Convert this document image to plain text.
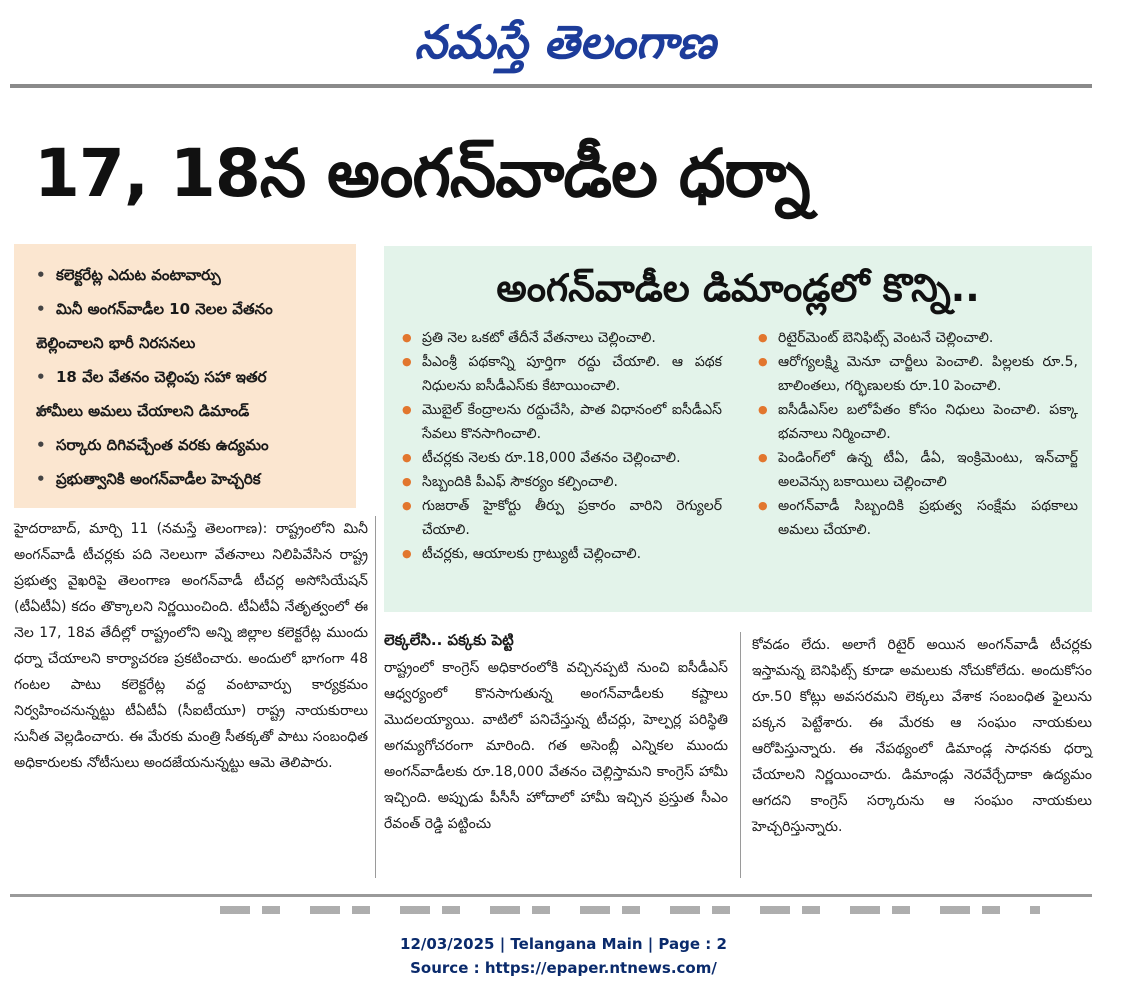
నమస్తే తెలంగాణ
17, 18న అంగన్‌వాడీల ధర్నా
• కలెక్టరేట్ల ఎదుట వంటావార్పు
• మినీ అంగన్‌వాడీల 10 నెలల వేతనం
• చెల్లించాలని భారీ నిరసనలు
• 18 వేల వేతనం చెల్లింపు సహా ఇతర
• హామీలు అమలు చేయాలని డిమాండ్
• సర్కారు దిగివచ్చేంత వరకు ఉద్యమం
• ప్రభుత్వానికి అంగన్‌వాడీల హెచ్చరిక
అంగన్‌వాడీల డిమాండ్లలో కొన్ని..
● ప్రతి నెల ఒకటో తేదీనే వేతనాలు చెల్లించాలి.
● పీఎంశ్రీ పథకాన్ని పూర్తిగా రద్దు చేయాలి. ఆ పథక నిధులను ఐసీడీఎస్‌కు కేటాయించాలి.
● మొబైల్ కేంద్రాలను రద్దుచేసి, పాత విధానంలో ఐసీడీఎస్ సేవలు కొనసాగించాలి.
● టీచర్లకు నెలకు రూ.18,000 వేతనం చెల్లించాలి.
● సిబ్బందికి పీఎఫ్ సౌకర్యం కల్పించాలి.
● గుజరాత్ హైకోర్టు తీర్పు ప్రకారం వారిని రెగ్యులర్ చేయాలి.
● టీచర్లకు, ఆయాలకు గ్రాట్యుటీ చెల్లించాలి.
● రిటైర్‌మెంట్ బెనిఫిట్స్ వెంటనే చెల్లించాలి.
● ఆరోగ్యలక్ష్మి మెనూ చార్జీలు పెంచాలి. పిల్లలకు రూ.5, బాలింతలు, గర్భిణులకు రూ.10 పెంచాలి.
● ఐసీడీఎస్‌ల బలోపేతం కోసం నిధులు పెంచాలి. పక్కా భవనాలు నిర్మించాలి.
● పెండింగ్‌లో ఉన్న టీఏ, డీఏ, ఇంక్రిమెంటు, ఇన్‌చార్జ్ అలవెన్సు బకాయిలు చెల్లించాలి
● అంగన్‌వాడీ సిబ్బందికి ప్రభుత్వ సంక్షేమ పథకాలు అమలు చేయాలి.
హైదరాబాద్, మార్చి 11 (నమస్తే తెలంగాణ): రాష్ట్రంలోని మినీ అంగన్‌వాడీ టీచర్లకు పది నెలలుగా వేతనాలు నిలిపివేసిన రాష్ట్ర ప్రభుత్వ వైఖరిపై తెలంగాణ అంగన్‌వాడీ టీచర్ల అసోసియేషన్ (టీఏటీఏ) కదం తొక్కాలని నిర్ణయించింది. టీఏటీఏ నేతృత్వంలో ఈ నెల 17, 18వ తేదీల్లో రాష్ట్రంలోని అన్ని జిల్లాల కలెక్టరేట్ల ముందు ధర్నా చేయాలని కార్యాచరణ ప్రకటించారు. అందులో భాగంగా 48 గంటల పాటు కలెక్టరేట్ల వద్ద వంటావార్పు కార్యక్రమం నిర్వహించనున్నట్టు టీఏటీఏ (సీఐటీయూ) రాష్ట్ర నాయకురాలు సునీత వెల్లడించారు. ఈ మేరకు మంత్రి సీతక్కతో పాటు సంబంధిత అధికారులకు నోటీసులు అందజేయనున్నట్టు ఆమె తెలిపారు.
లెక్కలేసి.. పక్కకు పెట్టి
రాష్ట్రంలో కాంగ్రెస్ అధికారంలోకి వచ్చినప్పటి నుంచి ఐసీడీఎస్ ఆధ్వర్యంలో కొనసాగుతున్న అంగన్‌వాడీలకు కష్టాలు మొదలయ్యాయి. వాటిలో పనిచేస్తున్న టీచర్లు, హెల్పర్ల పరిస్థితి అగమ్యగోచరంగా మారింది. గత అసెంబ్లీ ఎన్నికల ముందు అంగన్‌వాడీలకు రూ.18,000 వేతనం చెల్లిస్తామని కాంగ్రెస్ హామీ ఇచ్చింది. అప్పుడు పీసీసీ హోదాలో హామీ ఇచ్చిన ప్రస్తుత సీఎం రేవంత్ రెడ్డి పట్టించు
కోవడం లేదు. అలాగే రిటైర్ అయిన అంగన్‌వాడీ టీచర్లకు ఇస్తామన్న బెనిఫిట్స్ కూడా అమలుకు నోచుకోలేదు. అందుకోసం రూ.50 కోట్లు అవసరమని లెక్కలు వేశాక సంబంధిత ఫైలును పక్కన పెట్టేశారు. ఈ మేరకు ఆ సంఘం నాయకులు ఆరోపిస్తున్నారు. ఈ నేపథ్యంలో డిమాండ్ల సాధనకు ధర్నా చేయాలని నిర్ణయించారు. డిమాండ్లు నెరవేర్చేదాకా ఉద్యమం ఆగదని కాంగ్రెస్ సర్కారును ఆ సంఘం నాయకులు హెచ్చరిస్తున్నారు.
12/03/2025 | Telangana Main | Page : 2
Source : https://epaper.ntnews.com/
